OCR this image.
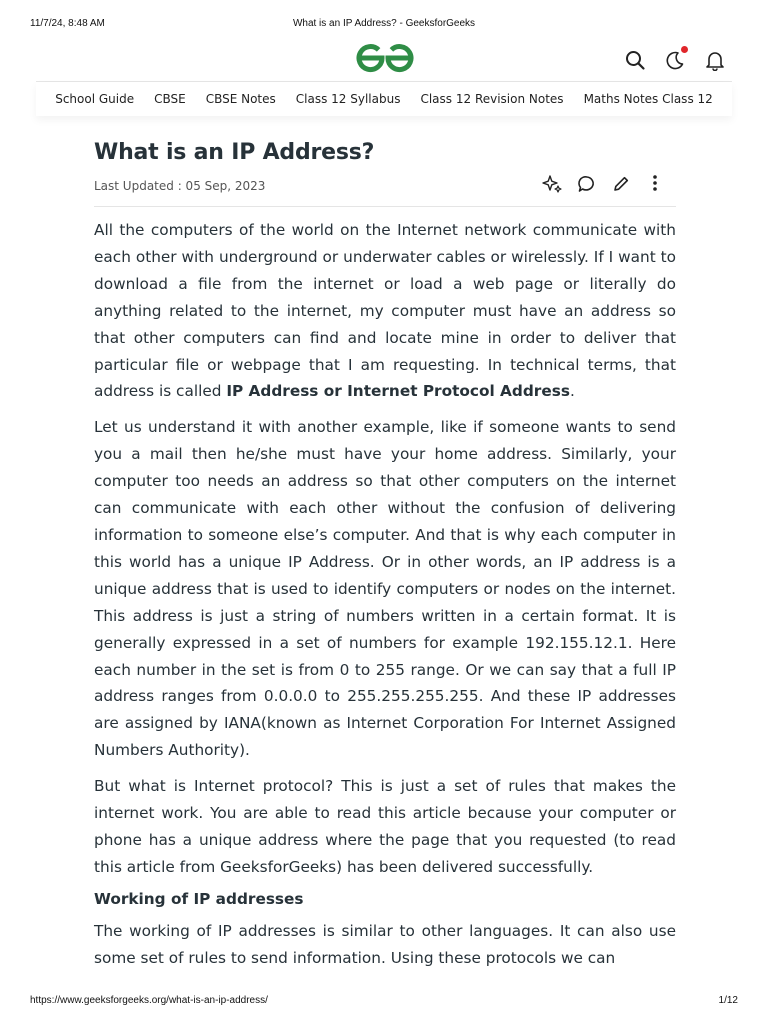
11/7/24, 8:48 AM	What is an IP Address? - GeeksforGeeks
School Guide CBSE CBSE Notes Class 12 Syllabus Class 12 Revision Notes Maths Notes Class 12
What is an IP Address?
Last Updated : 05 Sep, 2023

All the computers of the world on the Internet network communicate with each other with underground or underwater cables or wirelessly. If I want to download a file from the internet or load a web page or literally do anything related to the internet, my computer must have an address so that other computers can find and locate mine in order to deliver that particular file or webpage that I am requesting. In technical terms, that address is called IP Address or Internet Protocol Address.

Let us understand it with another example, like if someone wants to send you a mail then he/she must have your home address. Similarly, your computer too needs an address so that other computers on the internet can communicate with each other without the confusion of delivering information to someone else’s computer. And that is why each computer in this world has a unique IP Address. Or in other words, an IP address is a unique address that is used to identify computers or nodes on the internet. This address is just a string of numbers written in a certain format. It is generally expressed in a set of numbers for example 192.155.12.1. Here each number in the set is from 0 to 255 range. Or we can say that a full IP address ranges from 0.0.0.0 to 255.255.255.255. And these IP addresses are assigned by IANA(known as Internet Corporation For Internet Assigned Numbers Authority).

But what is Internet protocol? This is just a set of rules that makes the internet work. You are able to read this article because your computer or phone has a unique address where the page that you requested (to read this article from GeeksforGeeks) has been delivered successfully.

Working of IP addresses

The working of IP addresses is similar to other languages. It can also use some set of rules to send information. Using these protocols we can

https://www.geeksforgeeks.org/what-is-an-ip-address/	1/12
